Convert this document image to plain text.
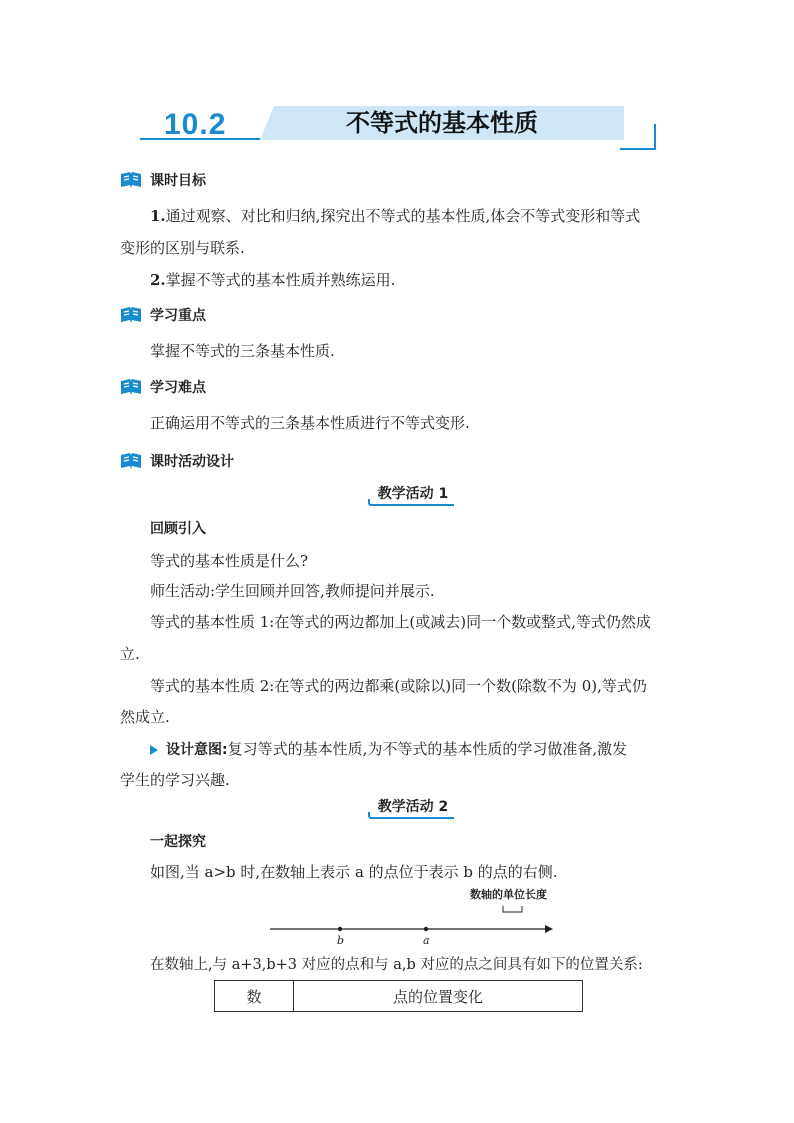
10.2	不等式的基本性质
课时目标
1.通过观察、对比和归纳,探究出不等式的基本性质,体会不等式变形和等式
变形的区别与联系.
2.掌握不等式的基本性质并熟练运用.
学习重点
掌握不等式的三条基本性质.
学习难点
正确运用不等式的三条基本性质进行不等式变形.
课时活动设计
教学活动 1
回顾引入
等式的基本性质是什么?
师生活动:学生回顾并回答,教师提问并展示.
等式的基本性质 1:在等式的两边都加上(或减去)同一个数或整式,等式仍然成
立.
等式的基本性质 2:在等式的两边都乘(或除以)同一个数(除数不为 0),等式仍
然成立.
设计意图:复习等式的基本性质,为不等式的基本性质的学习做准备,激发
学生的学习兴趣.
教学活动 2
一起探究
如图,当 a>b 时,在数轴上表示 a 的点位于表示 b 的点的右侧.
数轴的单位长度
b	a
在数轴上,与 a+3,b+3 对应的点和与 a,b 对应的点之间具有如下的位置关系:
数	点的位置变化
